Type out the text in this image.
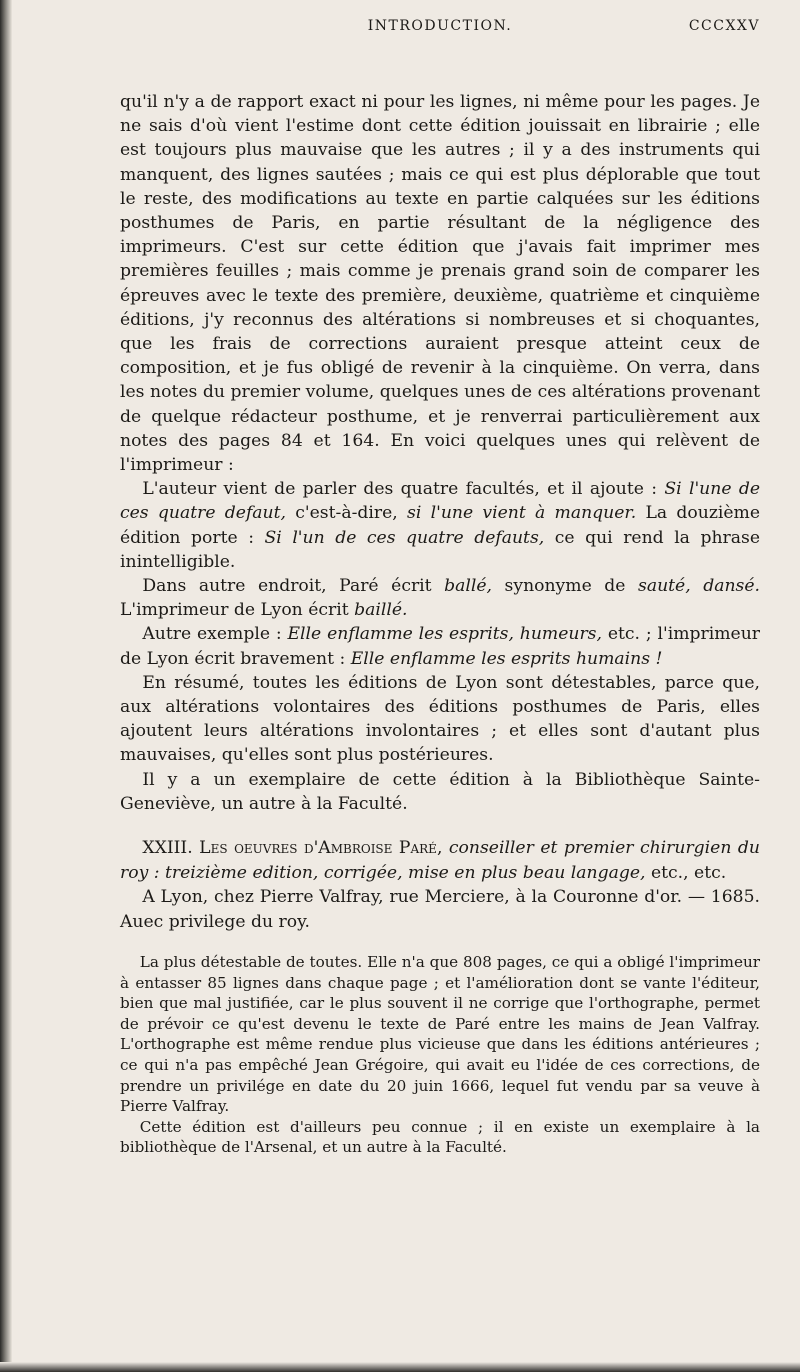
INTRODUCTION.	CCCXXV

qu'il n'y a de rapport exact ni pour les lignes, ni même pour les pages. Je ne sais d'où vient l'estime dont cette édition jouissait en librairie ; elle est toujours plus mauvaise que les autres ; il y a des instruments qui manquent, des lignes sautées ; mais ce qui est plus déplorable que tout le reste, des modifications au texte en partie calquées sur les éditions posthumes de Paris, en partie résultant de la négligence des imprimeurs. C'est sur cette édition que j'avais fait imprimer mes premières feuilles ; mais comme je prenais grand soin de comparer les épreuves avec le texte des première, deuxième, quatrième et cinquième éditions, j'y reconnus des altérations si nombreuses et si choquantes, que les frais de corrections auraient presque atteint ceux de composition, et je fus obligé de revenir à la cinquième. On verra, dans les notes du premier volume, quelques unes de ces altérations provenant de quelque rédacteur posthume, et je renverrai particulièrement aux notes des pages 84 et 164. En voici quelques unes qui relèvent de l'imprimeur :

L'auteur vient de parler des quatre facultés, et il ajoute : Si l'une de ces quatre defaut, c'est-à-dire, si l'une vient à manquer. La douzième édition porte : Si l'un de ces quatre defauts, ce qui rend la phrase inintelligible.

Dans autre endroit, Paré écrit ballé, synonyme de sauté, dansé. L'imprimeur de Lyon écrit baillé.

Autre exemple : Elle enflamme les esprits, humeurs, etc. ; l'imprimeur de Lyon écrit bravement : Elle enflamme les esprits humains !

En résumé, toutes les éditions de Lyon sont détestables, parce que, aux altérations volontaires des éditions posthumes de Paris, elles ajoutent leurs altérations involontaires ; et elles sont d'autant plus mauvaises, qu'elles sont plus postérieures.

Il y a un exemplaire de cette édition à la Bibliothèque Sainte-Geneviève, un autre à la Faculté.

XXIII. Les oeuvres d'Ambroise Paré, conseiller et premier chirurgien du roy : treizième edition, corrigée, mise en plus beau langage, etc., etc.

A Lyon, chez Pierre Valfray, rue Merciere, à la Couronne d'or. — 1685. Auec privilege du roy.

La plus détestable de toutes. Elle n'a que 808 pages, ce qui a obligé l'imprimeur à entasser 85 lignes dans chaque page ; et l'amélioration dont se vante l'éditeur, bien que mal justifiée, car le plus souvent il ne corrige que l'orthographe, permet de prévoir ce qu'est devenu le texte de Paré entre les mains de Jean Valfray. L'orthographe est même rendue plus vicieuse que dans les éditions antérieures ; ce qui n'a pas empêché Jean Grégoire, qui avait eu l'idée de ces corrections, de prendre un privilége en date du 20 juin 1666, lequel fut vendu par sa veuve à Pierre Valfray.

Cette édition est d'ailleurs peu connue ; il en existe un exemplaire à la bibliothèque de l'Arsenal, et un autre à la Faculté.
